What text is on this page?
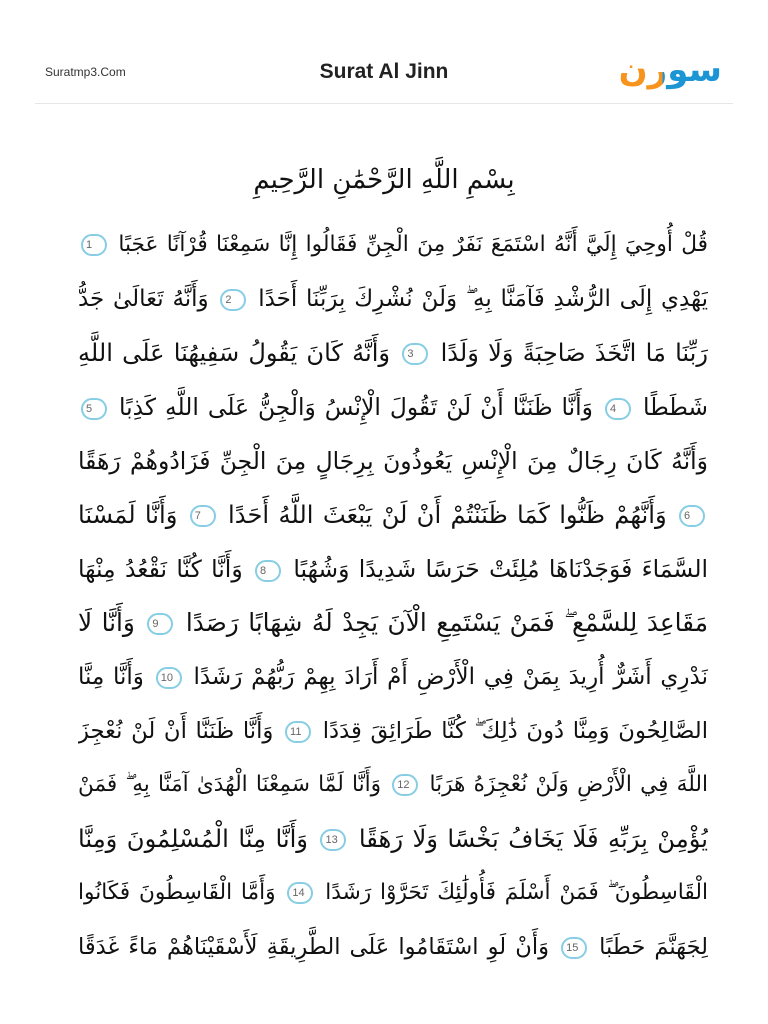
Suratmp3.Com	Surat Al Jinn	سورن
بِسْمِ اللَّهِ الرَّحْمَٰنِ الرَّحِيمِ
قُلْ أُوحِيَ إِلَيَّ أَنَّهُ اسْتَمَعَ نَفَرٌ مِنَ الْجِنِّ فَقَالُوا إِنَّا سَمِعْنَا قُرْآنًا عَجَبًا 1
يَهْدِي إِلَى الرُّشْدِ فَآمَنَّا بِهِ ۖ وَلَنْ نُشْرِكَ بِرَبِّنَا أَحَدًا 2 وَأَنَّهُ تَعَالَىٰ جَدُّ
رَبِّنَا مَا اتَّخَذَ صَاحِبَةً وَلَا وَلَدًا 3 وَأَنَّهُ كَانَ يَقُولُ سَفِيهُنَا عَلَى اللَّهِ
شَطَطًا 4 وَأَنَّا ظَنَنَّا أَنْ لَنْ تَقُولَ الْإِنْسُ وَالْجِنُّ عَلَى اللَّهِ كَذِبًا 5
وَأَنَّهُ كَانَ رِجَالٌ مِنَ الْإِنْسِ يَعُوذُونَ بِرِجَالٍ مِنَ الْجِنِّ فَزَادُوهُمْ رَهَقًا
6 وَأَنَّهُمْ ظَنُّوا كَمَا ظَنَنْتُمْ أَنْ لَنْ يَبْعَثَ اللَّهُ أَحَدًا 7 وَأَنَّا لَمَسْنَا
السَّمَاءَ فَوَجَدْنَاهَا مُلِئَتْ حَرَسًا شَدِيدًا وَشُهُبًا 8 وَأَنَّا كُنَّا نَقْعُدُ مِنْهَا
مَقَاعِدَ لِلسَّمْعِ ۖ فَمَنْ يَسْتَمِعِ الْآنَ يَجِدْ لَهُ شِهَابًا رَصَدًا 9 وَأَنَّا لَا
نَدْرِي أَشَرٌّ أُرِيدَ بِمَنْ فِي الْأَرْضِ أَمْ أَرَادَ بِهِمْ رَبُّهُمْ رَشَدًا 10 وَأَنَّا مِنَّا
الصَّالِحُونَ وَمِنَّا دُونَ ذَٰلِكَ ۖ كُنَّا طَرَائِقَ قِدَدًا 11 وَأَنَّا ظَنَنَّا أَنْ لَنْ نُعْجِزَ
اللَّهَ فِي الْأَرْضِ وَلَنْ نُعْجِزَهُ هَرَبًا 12 وَأَنَّا لَمَّا سَمِعْنَا الْهُدَىٰ آمَنَّا بِهِ ۖ فَمَنْ
يُؤْمِنْ بِرَبِّهِ فَلَا يَخَافُ بَخْسًا وَلَا رَهَقًا 13 وَأَنَّا مِنَّا الْمُسْلِمُونَ وَمِنَّا
الْقَاسِطُونَ ۖ فَمَنْ أَسْلَمَ فَأُولَٰئِكَ تَحَرَّوْا رَشَدًا 14 وَأَمَّا الْقَاسِطُونَ فَكَانُوا
لِجَهَنَّمَ حَطَبًا 15 وَأَنْ لَوِ اسْتَقَامُوا عَلَى الطَّرِيقَةِ لَأَسْقَيْنَاهُمْ مَاءً غَدَقًا
